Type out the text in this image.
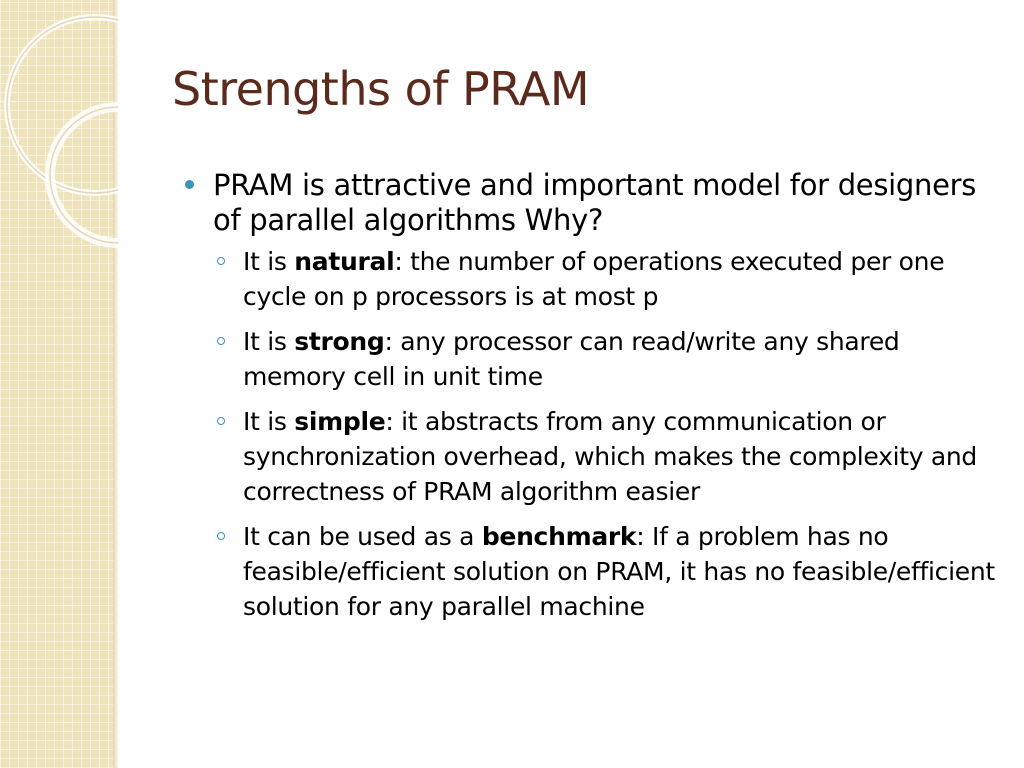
Strengths of PRAM
PRAM is attractive and important model for designers of parallel algorithms Why?
It is natural: the number of operations executed per one cycle on p processors is at most p
It is strong: any processor can read/write any shared memory cell in unit time
It is simple: it abstracts from any communication or synchronization overhead, which makes the complexity and correctness of PRAM algorithm easier
It can be used as a benchmark: If a problem has no feasible/efficient solution on PRAM, it has no feasible/efficient solution for any parallel machine
